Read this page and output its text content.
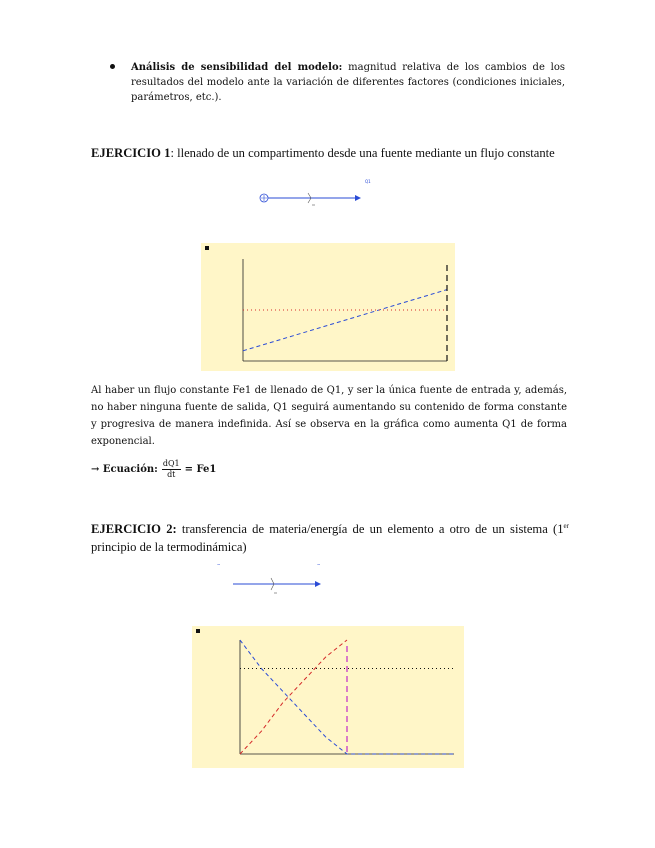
Análisis de sensibilidad del modelo: magnitud relativa de los cambios de los resultados del modelo ante la variación de diferentes factores (condiciones iniciales, parámetros, etc.).
EJERCICIO 1: llenado de un compartimento desde una fuente mediante un flujo constante
Q1
Al haber un flujo constante Fe1 de llenado de Q1, y ser la única fuente de entrada y, además, no haber ninguna fuente de salida, Q1 seguirá aumentando su contenido de forma constante y progresiva de manera indefinida. Así se observa en la gráfica como aumenta Q1 de forma exponencial.
→ Ecuación: $\frac{dQ1}{dt} = Fe1$
EJERCICIO 2: transferencia de materia/energía de un elemento a otro de un sistema (1er principio de la termodinámica)
~	~
